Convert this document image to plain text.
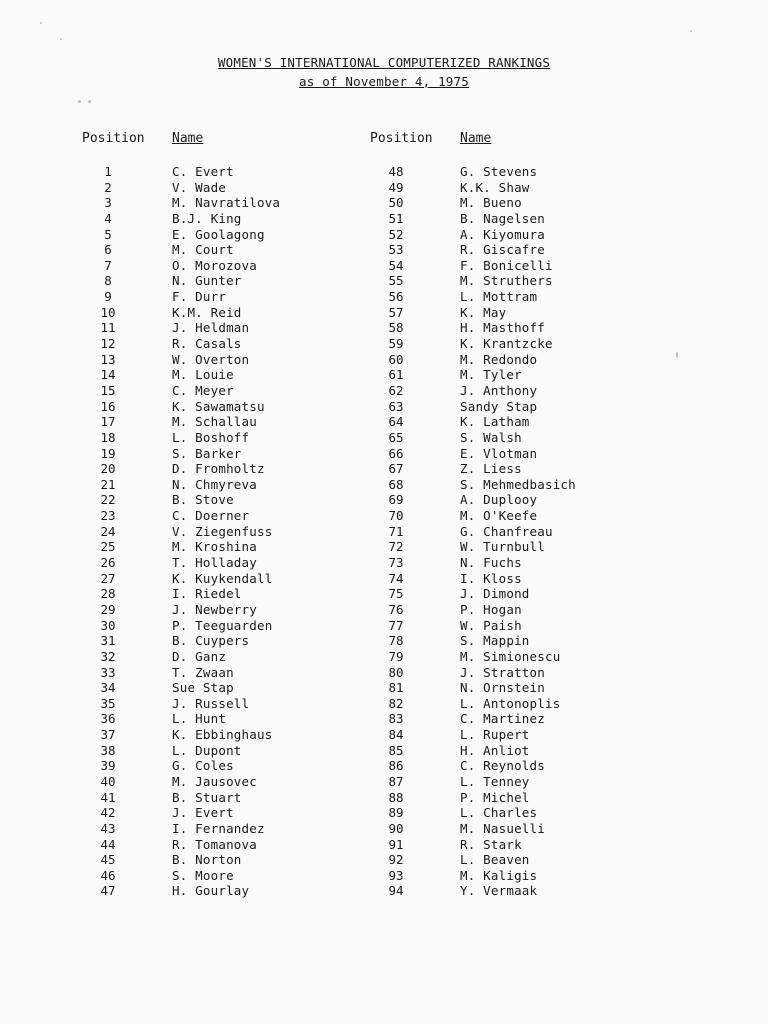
WOMEN'S INTERNATIONAL COMPUTERIZED RANKINGS

as of November 4, 1975

Position Name
1	C. Evert
2	V. Wade
3	M. Navratilova
4	B.J. King
5	E. Goolagong
6	M. Court
7	O. Morozova
8	N. Gunter
9	F. Durr
10	K.M. Reid
11	J. Heldman
12	R. Casals
13	W. Overton
14	M. Louie
15	C. Meyer
16	K. Sawamatsu
17	M. Schallau
18	L. Boshoff
19	S. Barker
20	D. Fromholtz
21	N. Chmyreva
22	B. Stove
23	C. Doerner
24	V. Ziegenfuss
25	M. Kroshina
26	T. Holladay
27	K. Kuykendall
28	I. Riedel
29	J. Newberry
30	P. Teeguarden
31	B. Cuypers
32	D. Ganz
33	T. Zwaan
34	Sue Stap
35	J. Russell
36	L. Hunt
37	K. Ebbinghaus
38	L. Dupont
39	G. Coles
40	M. Jausovec
41	B. Stuart
42	J. Evert
43	I. Fernandez
44	R. Tomanova
45	B. Norton
46	S. Moore
47	H. Gourlay
Position Name
48	G. Stevens
49	K.K. Shaw
50	M. Bueno
51	B. Nagelsen
52	A. Kiyomura
53	R. Giscafre
54	F. Bonicelli
55	M. Struthers
56	L. Mottram
57	K. May
58	H. Masthoff
59	K. Krantzcke
60	M. Redondo
61	M. Tyler
62	J. Anthony
63	Sandy Stap
64	K. Latham
65	S. Walsh
66	E. Vlotman
67	Z. Liess
68	S. Mehmedbasich
69	A. Duplooy
70	M. O'Keefe
71	G. Chanfreau
72	W. Turnbull
73	N. Fuchs
74	I. Kloss
75	J. Dimond
76	P. Hogan
77	W. Paish
78	S. Mappin
79	M. Simionescu
80	J. Stratton
81	N. Ornstein
82	L. Antonoplis
83	C. Martinez
84	L. Rupert
85	H. Anliot
86	C. Reynolds
87	L. Tenney
88	P. Michel
89	L. Charles
90	M. Nasuelli
91	R. Stark
92	L. Beaven
93	M. Kaligis
94	Y. Vermaak
